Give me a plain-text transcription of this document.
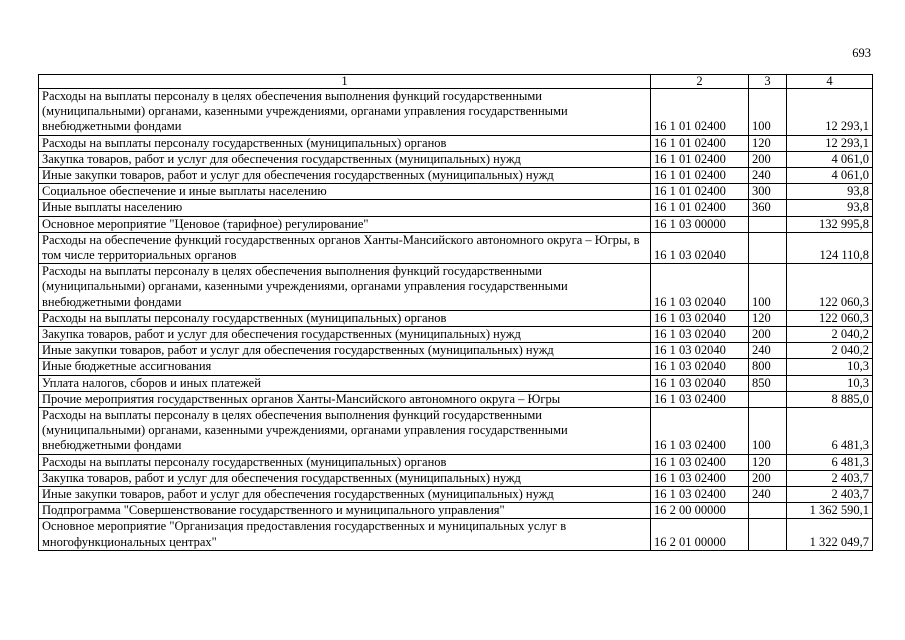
693
1	2	3	4
Расходы на выплаты персоналу в целях обеспечения выполнения функций государственными (муниципальными) органами, казенными учреждениями, органами управления государственными внебюджетными фондами	16 1 01 02400	100	12 293,1
Расходы на выплаты персоналу государственных (муниципальных) органов	16 1 01 02400	120	12 293,1
Закупка товаров, работ и услуг для обеспечения государственных (муниципальных) нужд	16 1 01 02400	200	4 061,0
Иные закупки товаров, работ и услуг для обеспечения государственных (муниципальных) нужд	16 1 01 02400	240	4 061,0
Социальное обеспечение и иные выплаты населению	16 1 01 02400	300	93,8
Иные выплаты населению	16 1 01 02400	360	93,8
Основное мероприятие "Ценовое (тарифное) регулирование"	16 1 03 00000		132 995,8
Расходы на обеспечение функций государственных органов Ханты-Мансийского автономного округа – Югры, в том числе территориальных органов	16 1 03 02040		124 110,8
Расходы на выплаты персоналу в целях обеспечения выполнения функций государственными (муниципальными) органами, казенными учреждениями, органами управления государственными внебюджетными фондами	16 1 03 02040	100	122 060,3
Расходы на выплаты персоналу государственных (муниципальных) органов	16 1 03 02040	120	122 060,3
Закупка товаров, работ и услуг для обеспечения государственных (муниципальных) нужд	16 1 03 02040	200	2 040,2
Иные закупки товаров, работ и услуг для обеспечения государственных (муниципальных) нужд	16 1 03 02040	240	2 040,2
Иные бюджетные ассигнования	16 1 03 02040	800	10,3
Уплата налогов, сборов и иных платежей	16 1 03 02040	850	10,3
Прочие мероприятия государственных органов Ханты-Мансийского автономного округа – Югры	16 1 03 02400		8 885,0
Расходы на выплаты персоналу в целях обеспечения выполнения функций государственными (муниципальными) органами, казенными учреждениями, органами управления государственными внебюджетными фондами	16 1 03 02400	100	6 481,3
Расходы на выплаты персоналу государственных (муниципальных) органов	16 1 03 02400	120	6 481,3
Закупка товаров, работ и услуг для обеспечения государственных (муниципальных) нужд	16 1 03 02400	200	2 403,7
Иные закупки товаров, работ и услуг для обеспечения государственных (муниципальных) нужд	16 1 03 02400	240	2 403,7
Подпрограмма "Совершенствование государственного и муниципального управления"	16 2 00 00000		1 362 590,1
Основное мероприятие "Организация предоставления государственных и муниципальных услуг в многофункциональных центрах"	16 2 01 00000		1 322 049,7
